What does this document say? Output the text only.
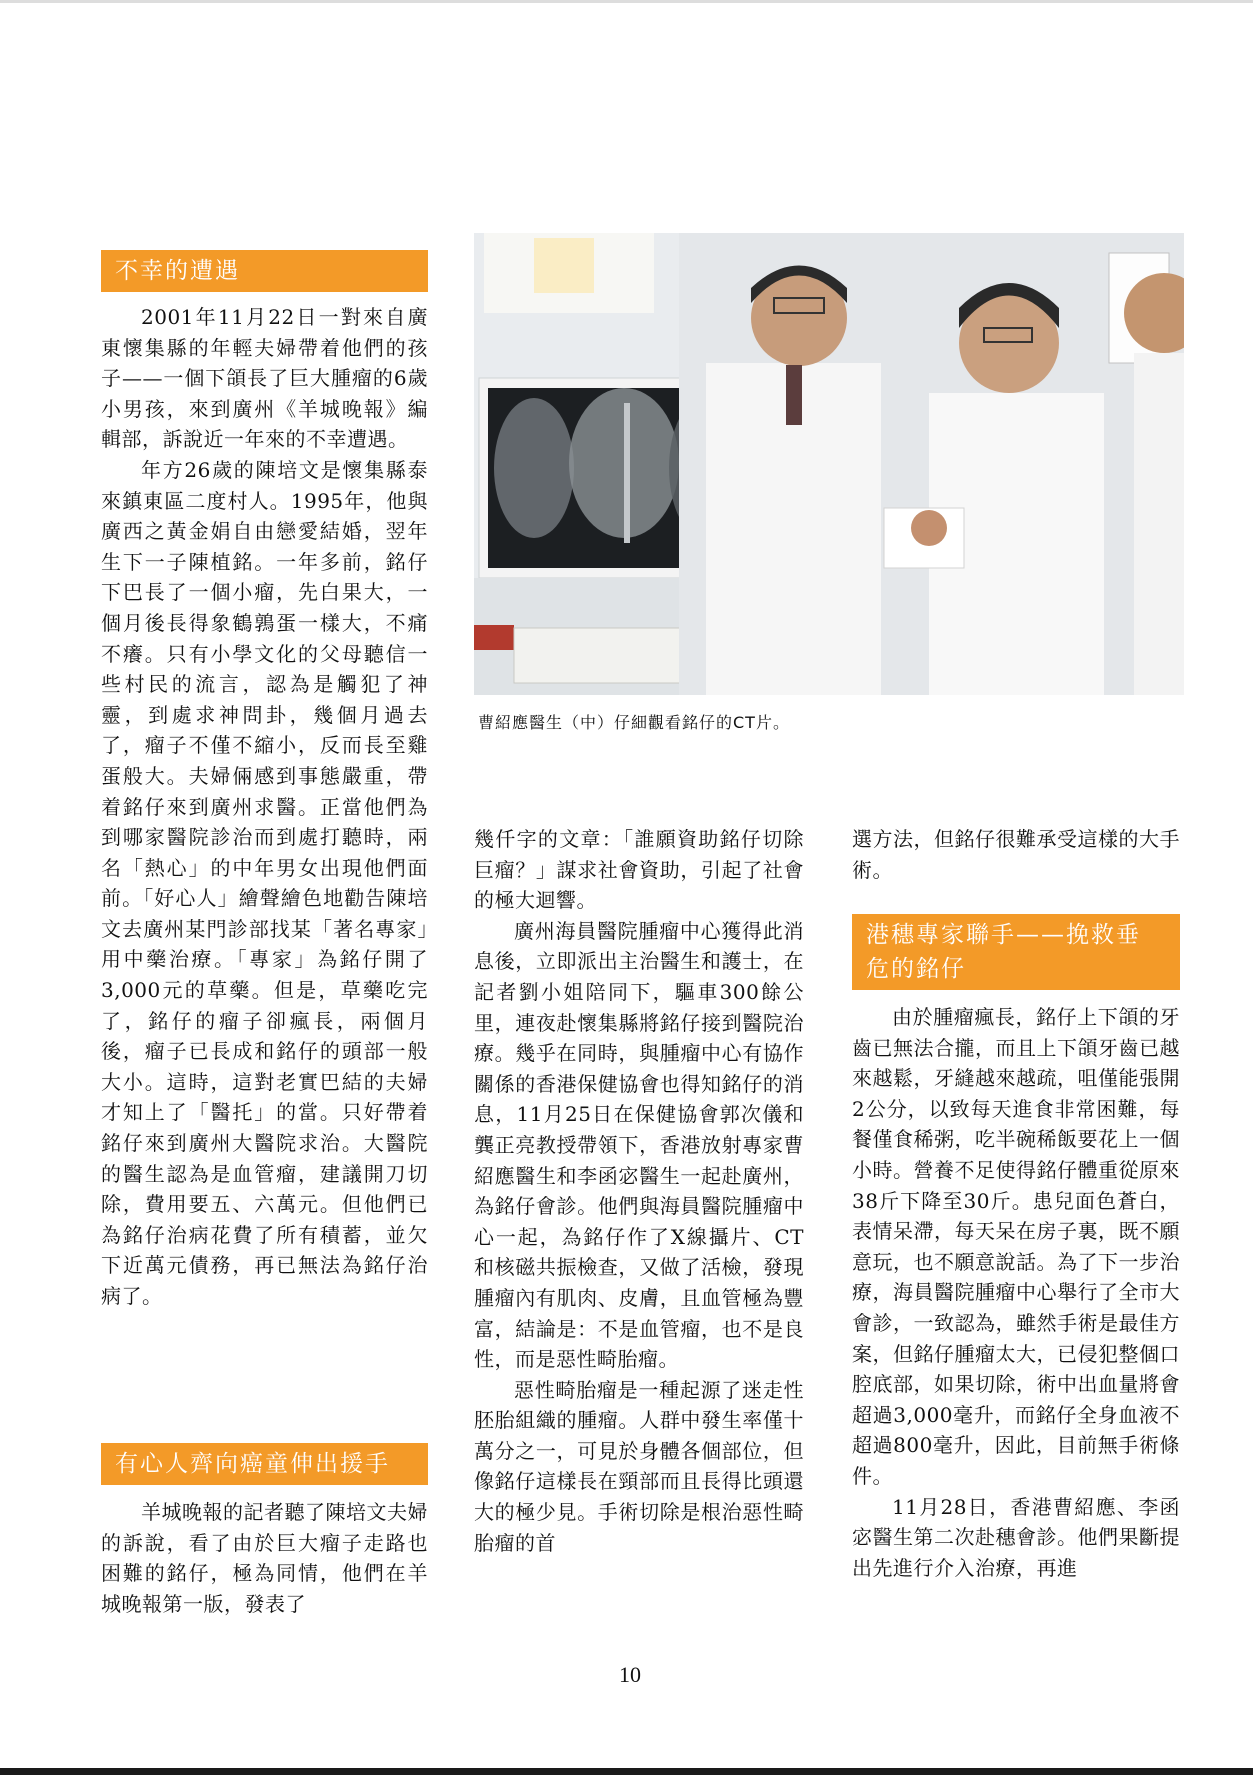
不幸的遭遇

2001年11月22日一對來自廣東懷集縣的年輕夫婦帶着他們的孩子——一個下頜長了巨大腫瘤的6歲小男孩，來到廣州《羊城晚報》編輯部，訴說近一年來的不幸遭遇。

年方26歲的陳培文是懷集縣泰來鎮東區二度村人。1995年，他與廣西之黃金娟自由戀愛結婚，翌年生下一子陳植銘。一年多前，銘仔下巴長了一個小瘤，先白果大，一個月後長得象鶴鶉蛋一樣大，不痛不癢。只有小學文化的父母聽信一些村民的流言，認為是觸犯了神靈，到處求神問卦，幾個月過去了，瘤子不僅不縮小，反而長至雞蛋般大。夫婦倆感到事態嚴重，帶着銘仔來到廣州求醫。正當他們為到哪家醫院診治而到處打聽時，兩名「熱心」的中年男女出現他們面前。「好心人」繪聲繪色地勸告陳培文去廣州某門診部找某「著名專家」用中藥治療。「專家」為銘仔開了3,000元的草藥。但是，草藥吃完了，銘仔的瘤子卻瘋長，兩個月後，瘤子已長成和銘仔的頭部一般大小。這時，這對老實巴結的夫婦才知上了「醫托」的當。只好帶着銘仔來到廣州大醫院求治。大醫院的醫生認為是血管瘤，建議開刀切除，費用要五、六萬元。但他們已為銘仔治病花費了所有積蓄，並欠下近萬元債務，再已無法為銘仔治病了。

有心人齊向癌童伸出援手

羊城晚報的記者聽了陳培文夫婦的訴說，看了由於巨大瘤子走路也困難的銘仔，極為同情，他們在羊城晚報第一版，發表了

曹紹應醫生（中）仔細觀看銘仔的CT片。

幾仟字的文章：「誰願資助銘仔切除巨瘤？」謀求社會資助，引起了社會的極大迴響。

廣州海員醫院腫瘤中心獲得此消息後，立即派出主治醫生和護士，在記者劉小姐陪同下，驅車300餘公里，連夜赴懷集縣將銘仔接到醫院治療。幾乎在同時，與腫瘤中心有協作關係的香港保健協會也得知銘仔的消息，11月25日在保健協會郭次儀和龔正亮教授帶領下，香港放射專家曹紹應醫生和李函宓醫生一起赴廣州，為銘仔會診。他們與海員醫院腫瘤中心一起，為銘仔作了X線攝片、CT和核磁共振檢查，又做了活檢，發現腫瘤內有肌肉、皮膚，且血管極為豐富，結論是：不是血管瘤，也不是良性，而是惡性畸胎瘤。

惡性畸胎瘤是一種起源了迷走性胚胎組織的腫瘤。人群中發生率僅十萬分之一，可見於身體各個部位，但像銘仔這樣長在頸部而且長得比頭還大的極少見。手術切除是根治惡性畸胎瘤的首

選方法，但銘仔很難承受這樣的大手術。

港穗專家聯手——挽救垂
危的銘仔

由於腫瘤瘋長，銘仔上下頜的牙齒已無法合攏，而且上下頜牙齒已越來越鬆，牙縫越來越疏，咀僅能張開2公分，以致每天進食非常困難，每餐僅食稀粥，吃半碗稀飯要花上一個小時。營養不足使得銘仔體重從原來38斤下降至30斤。患兒面色蒼白，表情呆滯，每天呆在房子裏，既不願意玩，也不願意說話。為了下一步治療，海員醫院腫瘤中心舉行了全市大會診，一致認為，雖然手術是最佳方案，但銘仔腫瘤太大，已侵犯整個口腔底部，如果切除，術中出血量將會超過3,000毫升，而銘仔全身血液不超過800毫升，因此，目前無手術條件。

11月28日，香港曹紹應、李函宓醫生第二次赴穗會診。他們果斷提出先進行介入治療，再進

10
